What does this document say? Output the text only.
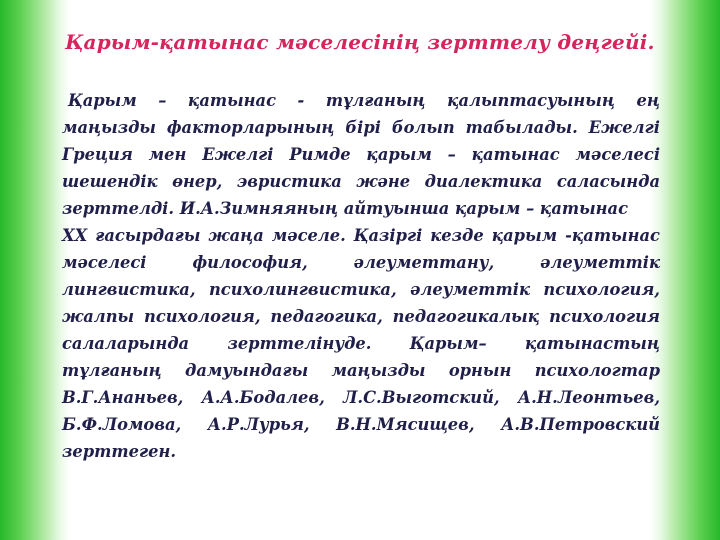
Қарым-қатынас мәселесінің зерттелу деңгейі.
Қарым – қатынас - тұлғаның қалыптасуының ең
маңызды факторларының бірі болып табылады. Ежелгі
Греция мен Ежелгі Римде қарым – қатынас мәселесі
шешендік өнер, эвристика және диалектика саласында
зерттелді. И.А.Зимняяның айтуынша қарым – қатынас
ХХ ғасырдағы жаңа мәселе. Қазіргі кезде қарым -қатынас
мәселесі	философия,	әлеуметтану,	әлеуметтік
лингвистика, психолингвистика, әлеуметтік психология,
жалпы психология, педагогика, педагогикалық психология
салаларында зерттелінуде. Қарым– қатынастың
тұлғаның дамуындағы маңызды орнын психологтар
В.Г.Ананьев, А.А.Бодалев, Л.С.Выготский, А.Н.Леонтьев,
Б.Ф.Ломова, А.Р.Лурья, В.Н.Мясищев, А.В.Петровский
зерттеген.
